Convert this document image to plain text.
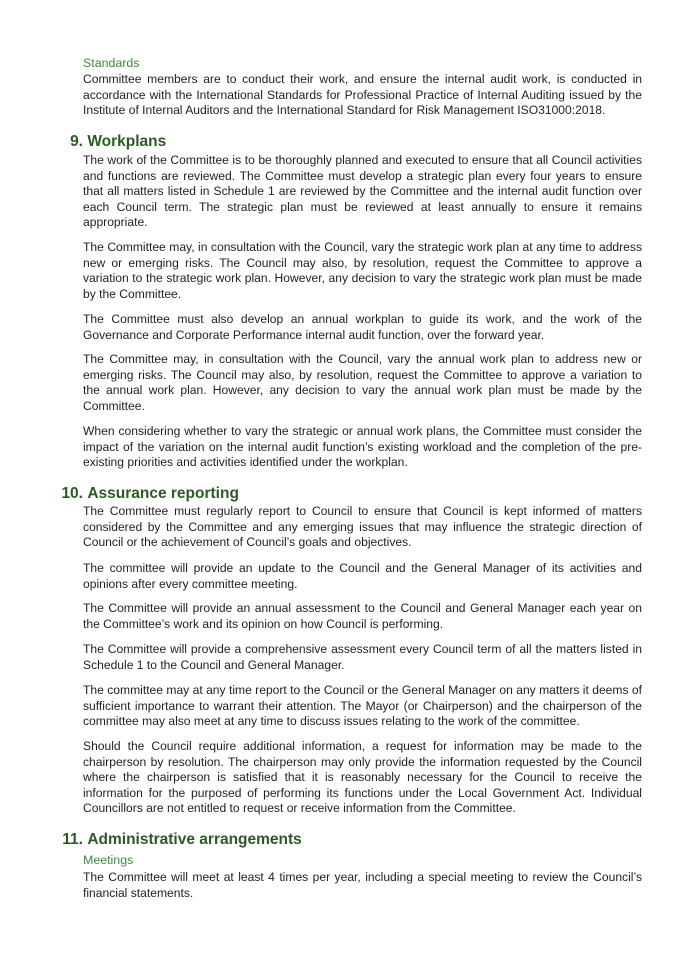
Standards

Committee members are to conduct their work, and ensure the internal audit work, is conducted in accordance with the International Standards for Professional Practice of Internal Auditing issued by the Institute of Internal Auditors and the International Standard for Risk Management ISO31000:2018.

9. Workplans

The work of the Committee is to be thoroughly planned and executed to ensure that all Council activities and functions are reviewed. The Committee must develop a strategic plan every four years to ensure that all matters listed in Schedule 1 are reviewed by the Committee and the internal audit function over each Council term. The strategic plan must be reviewed at least annually to ensure it remains appropriate.

The Committee may, in consultation with the Council, vary the strategic work plan at any time to address new or emerging risks. The Council may also, by resolution, request the Committee to approve a variation to the strategic work plan. However, any decision to vary the strategic work plan must be made by the Committee.

The Committee must also develop an annual workplan to guide its work, and the work of the Governance and Corporate Performance internal audit function, over the forward year.

The Committee may, in consultation with the Council, vary the annual work plan to address new or emerging risks. The Council may also, by resolution, request the Committee to approve a variation to the annual work plan. However, any decision to vary the annual work plan must be made by the Committee.

When considering whether to vary the strategic or annual work plans, the Committee must consider the impact of the variation on the internal audit function’s existing workload and the completion of the pre-existing priorities and activities identified under the workplan.

10. Assurance reporting

The Committee must regularly report to Council to ensure that Council is kept informed of matters considered by the Committee and any emerging issues that may influence the strategic direction of Council or the achievement of Council’s goals and objectives.

The committee will provide an update to the Council and the General Manager of its activities and opinions after every committee meeting.

The Committee will provide an annual assessment to the Council and General Manager each year on the Committee’s work and its opinion on how Council is performing.

The Committee will provide a comprehensive assessment every Council term of all the matters listed in Schedule 1 to the Council and General Manager.

The committee may at any time report to the Council or the General Manager on any matters it deems of sufficient importance to warrant their attention. The Mayor (or Chairperson) and the chairperson of the committee may also meet at any time to discuss issues relating to the work of the committee.

Should the Council require additional information, a request for information may be made to the chairperson by resolution. The chairperson may only provide the information requested by the Council where the chairperson is satisfied that it is reasonably necessary for the Council to receive the information for the purposed of performing its functions under the Local Government Act. Individual Councillors are not entitled to request or receive information from the Committee.

11. Administrative arrangements
Meetings

The Committee will meet at least 4 times per year, including a special meeting to review the Council’s financial statements.
